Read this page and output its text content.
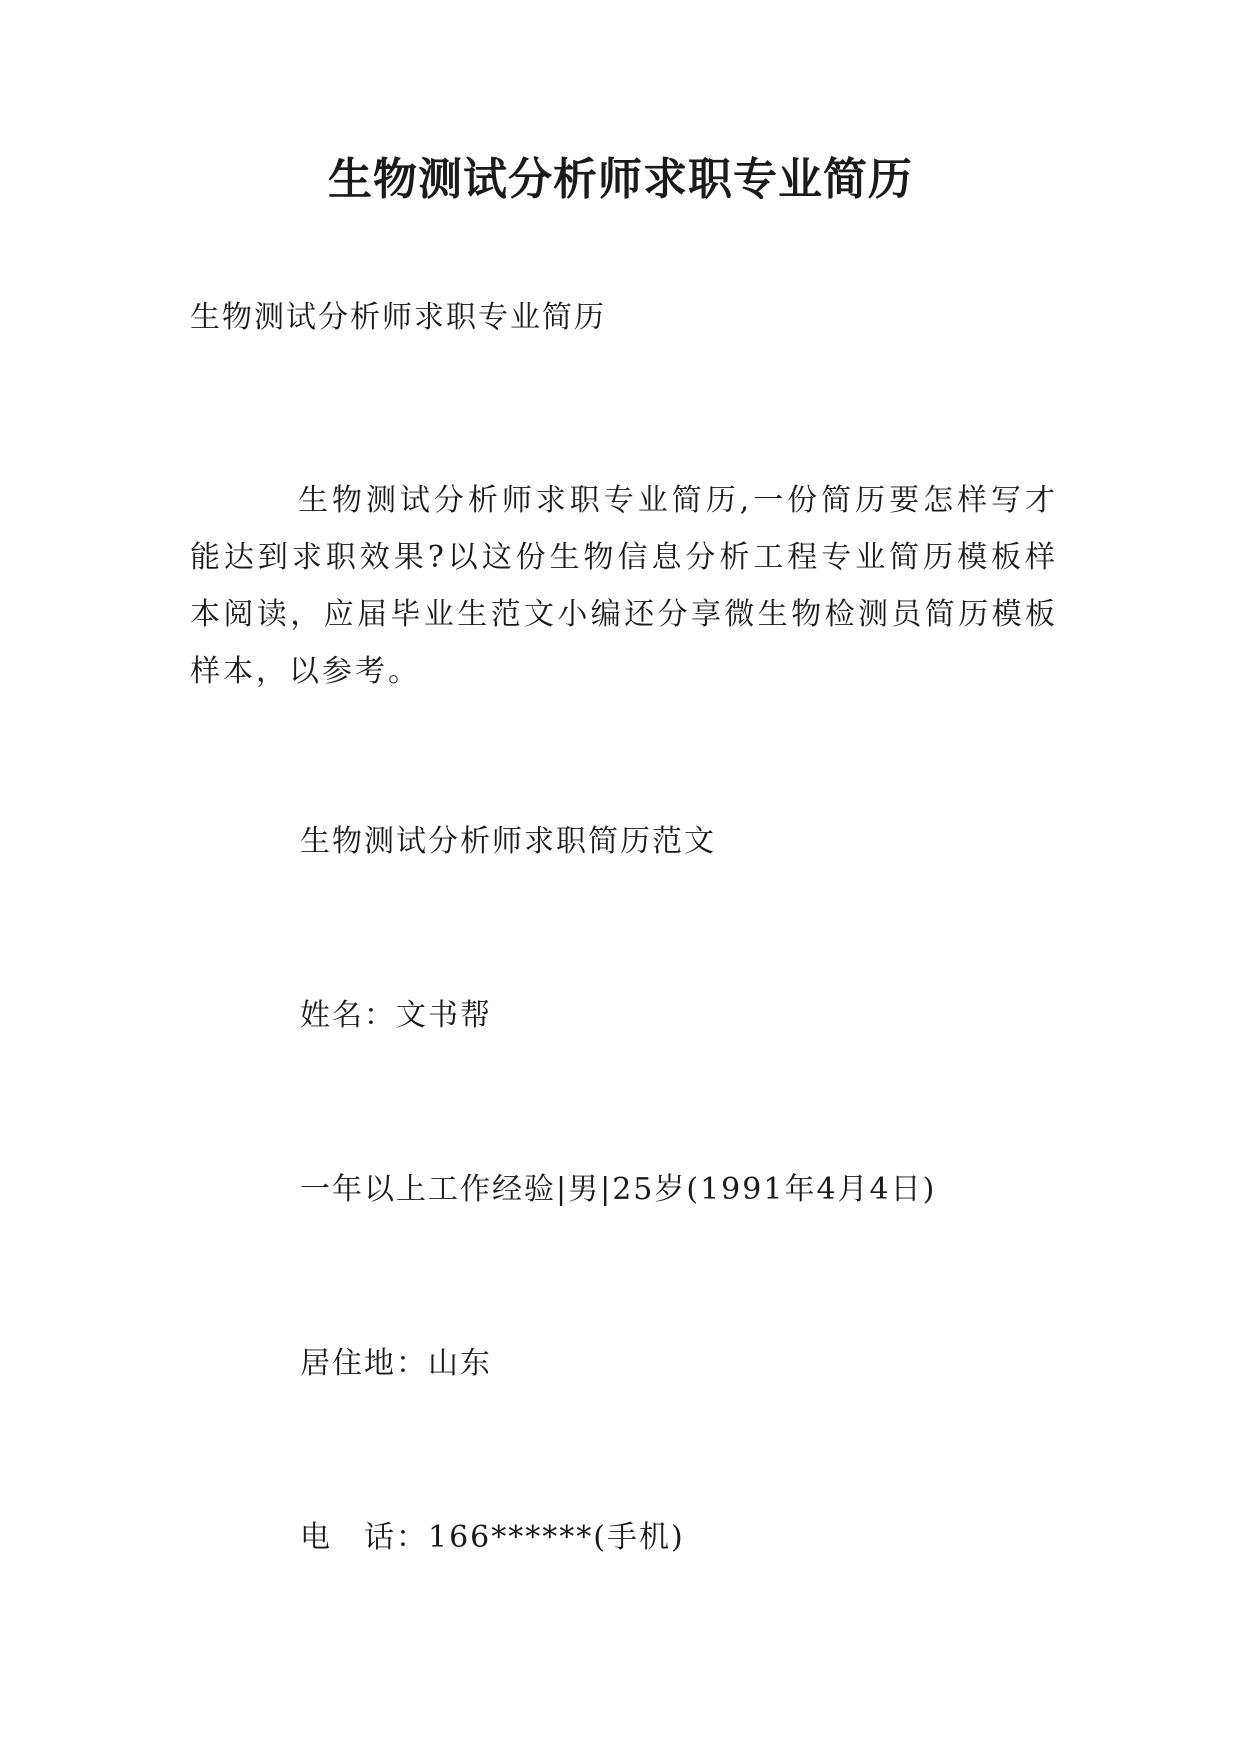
生物测试分析师求职专业简历
生物测试分析师求职专业简历
生物测试分析师求职专业简历,一份简历要怎样写才能达到求职效果?以这份生物信息分析工程专业简历模板样本阅读，应届毕业生范文小编还分享微生物检测员简历模板样本，以参考。
生物测试分析师求职简历范文
姓名：文书帮
一年以上工作经验|男|25岁(1991年4月4日)
居住地：山东
电　话：166******(手机)
